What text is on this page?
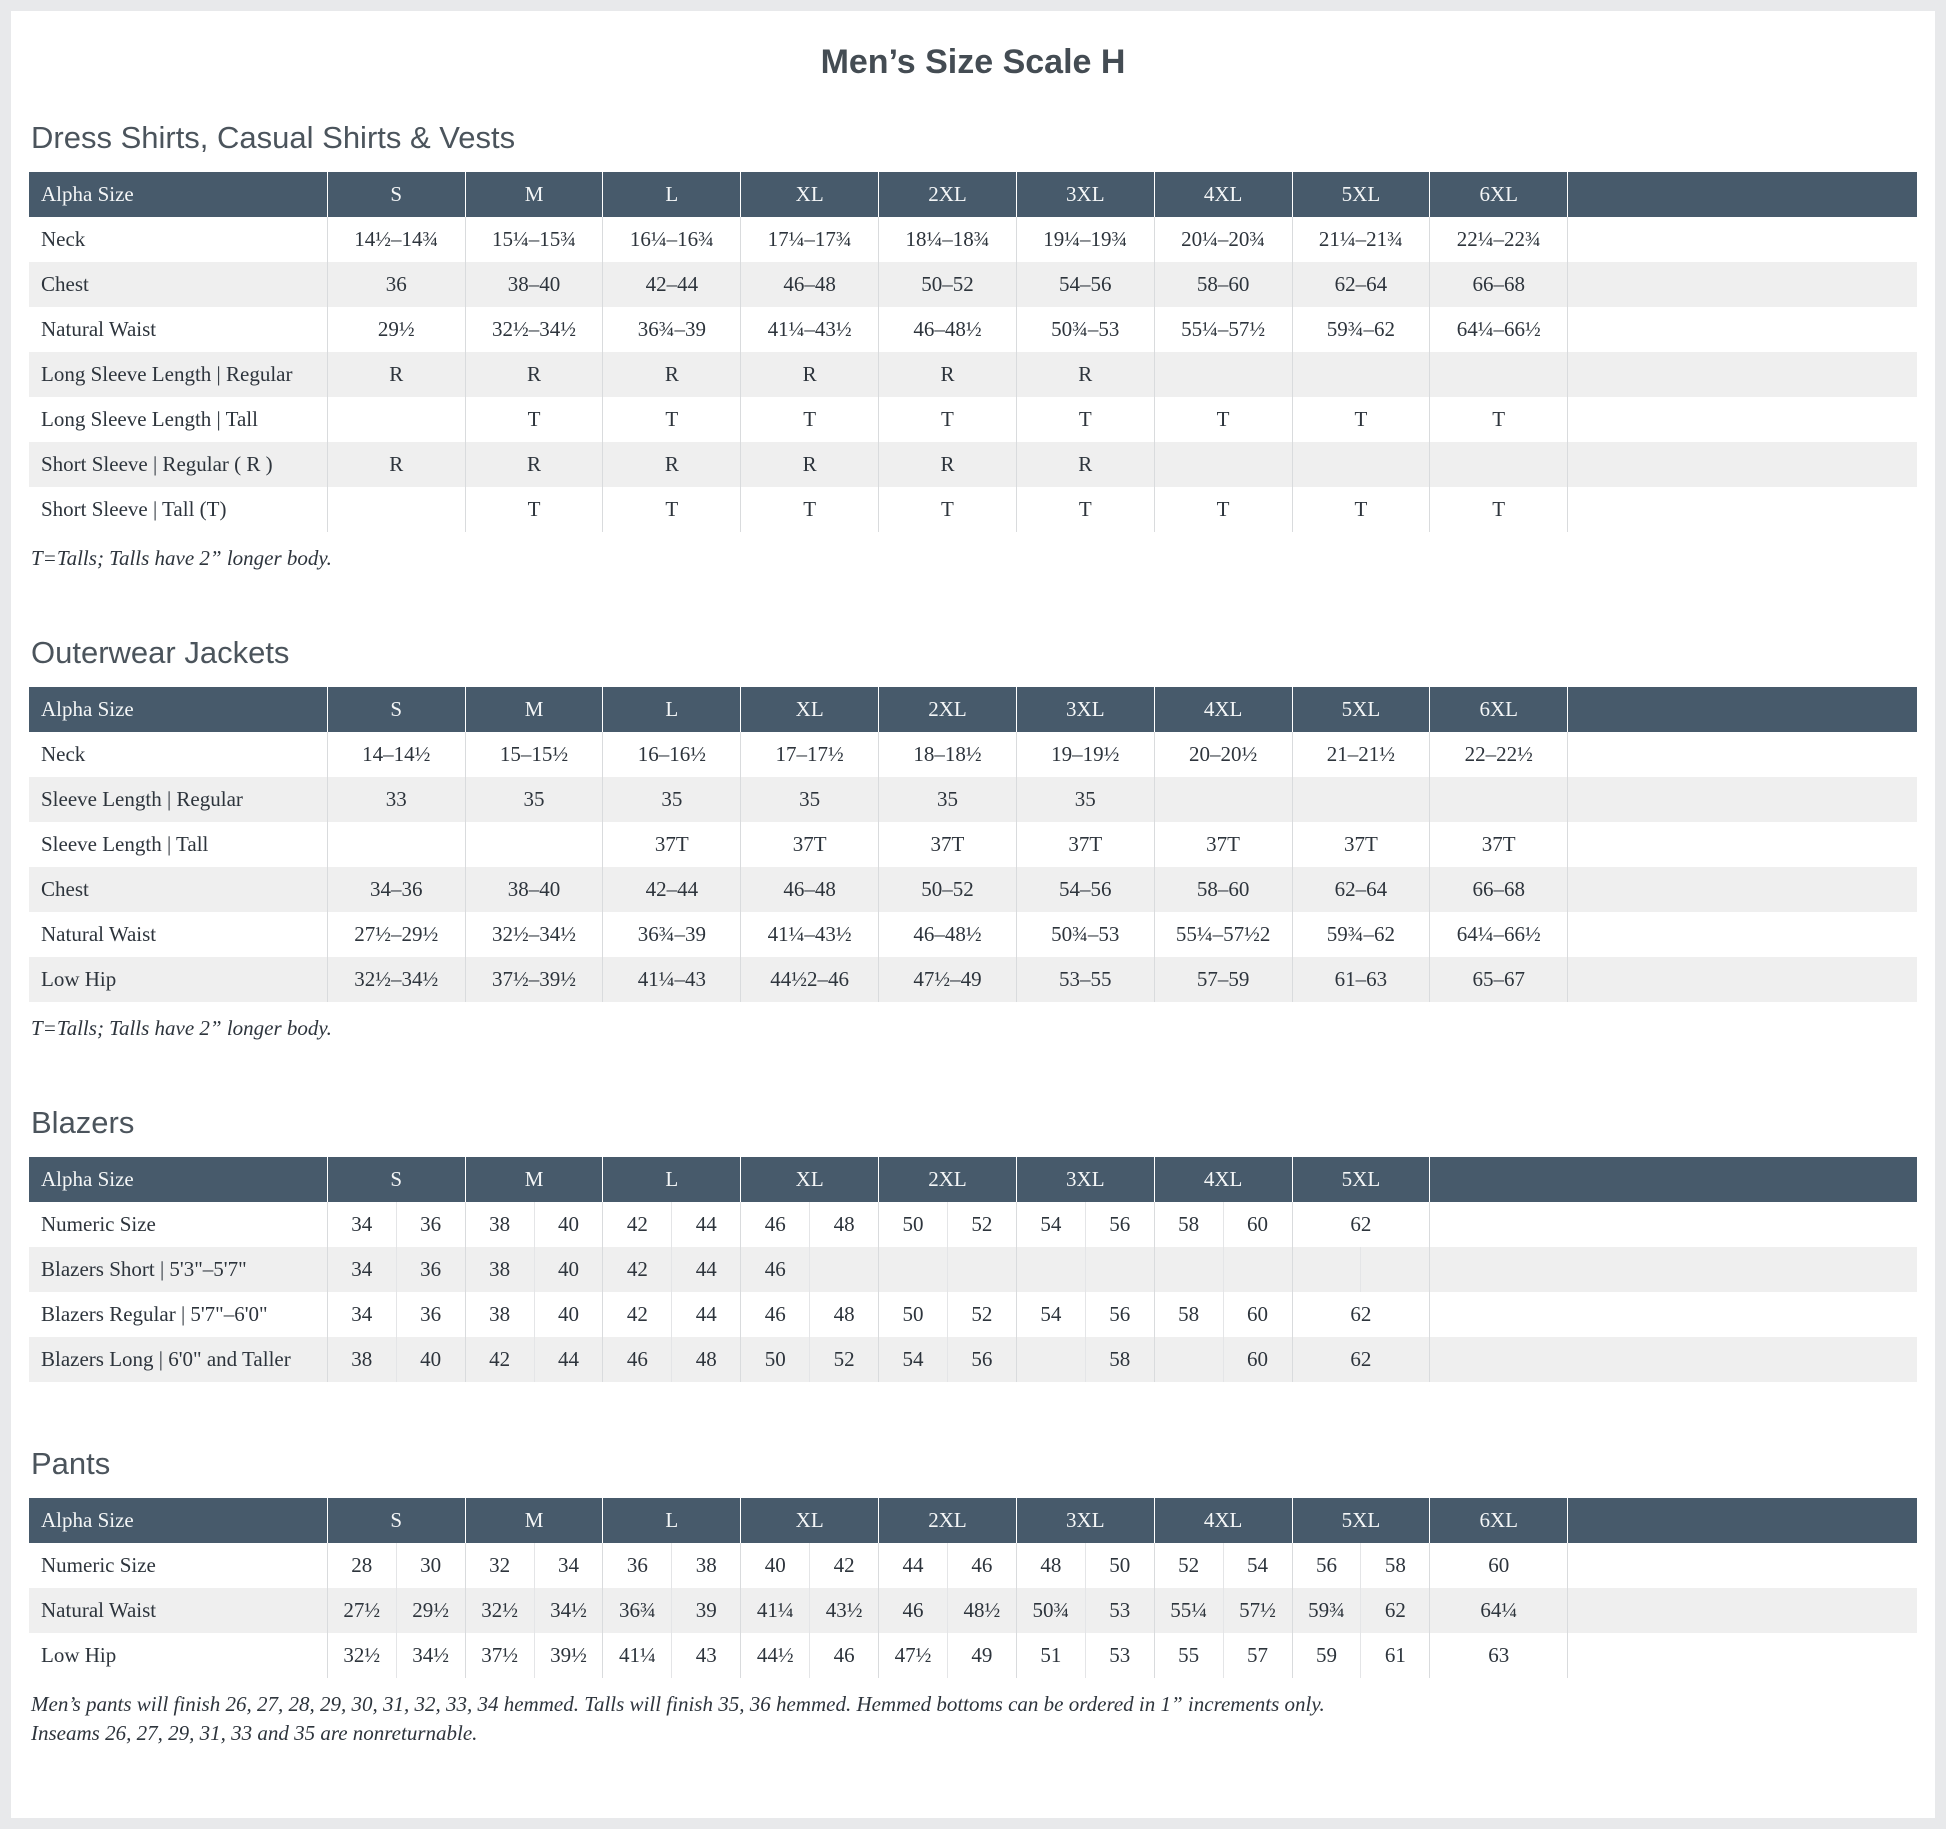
Men’s Size Scale H
Dress Shirts, Casual Shirts & Vests
Alpha Size	S	M	L	XL	2XL	3XL	4XL	5XL	6XL	
Neck	14½–14¾	15¼–15¾	16¼–16¾	17¼–17¾	18¼–18¾	19¼–19¾	20¼–20¾	21¼–21¾	22¼–22¾	
Chest	36	38–40	42–44	46–48	50–52	54–56	58–60	62–64	66–68	
Natural Waist	29½	32½–34½	36¾–39	41¼–43½	46–48½	50¾–53	55¼–57½	59¾–62	64¼–66½	
Long Sleeve Length | Regular	R	R	R	R	R	R				
Long Sleeve Length | Tall		T	T	T	T	T	T	T	T	
Short Sleeve | Regular ( R )	R	R	R	R	R	R				
Short Sleeve | Tall (T)		T	T	T	T	T	T	T	T	

T=Talls; Talls have 2” longer body.

Outerwear Jackets
Alpha Size	S	M	L	XL	2XL	3XL	4XL	5XL	6XL	
Neck	14–14½	15–15½	16–16½	17–17½	18–18½	19–19½	20–20½	21–21½	22–22½	
Sleeve Length | Regular	33	35	35	35	35	35				
Sleeve Length | Tall			37T	37T	37T	37T	37T	37T	37T	
Chest	34–36	38–40	42–44	46–48	50–52	54–56	58–60	62–64	66–68	
Natural Waist	27½–29½	32½–34½	36¾–39	41¼–43½	46–48½	50¾–53	55¼–57½2	59¾–62	64¼–66½	
Low Hip	32½–34½	37½–39½	41¼–43	44½2–46	47½–49	53–55	57–59	61–63	65–67	

T=Talls; Talls have 2” longer body.

Blazers
Alpha Size	S		M		L		XL		2XL		3XL		4XL		5XL		
Numeric Size	34	36	38	40	42	44	46	48	50	52	54	56	58	60	62		
Blazers Short | 5'3"–5'7"	34	36	38	40	42	44	46										
Blazers Regular | 5'7"–6'0"	34	36	38	40	42	44	46	48	50	52	54	56	58	60	62		
Blazers Long | 6'0" and Taller	38	40	42	44	46	48	50	52	54	56		58		60	62		
Pants
Alpha Size	S		M		L		XL		2XL		3XL		4XL		5XL		6XL	
Numeric Size	28	30	32	34	36	38	40	42	44	46	48	50	52	54	56	58	60	
Natural Waist	27½	29½	32½	34½	36¾	39	41¼	43½	46	48½	50¾	53	55¼	57½	59¾	62	64¼	
Low Hip	32½	34½	37½	39½	41¼	43	44½	46	47½	49	51	53	55	57	59	61	63	

Men’s pants will finish 26, 27, 28, 29, 30, 31, 32, 33, 34 hemmed. Talls will finish 35, 36 hemmed. Hemmed bottoms can be ordered in 1” increments only.

Inseams 26, 27, 29, 31, 33 and 35 are nonreturnable.
